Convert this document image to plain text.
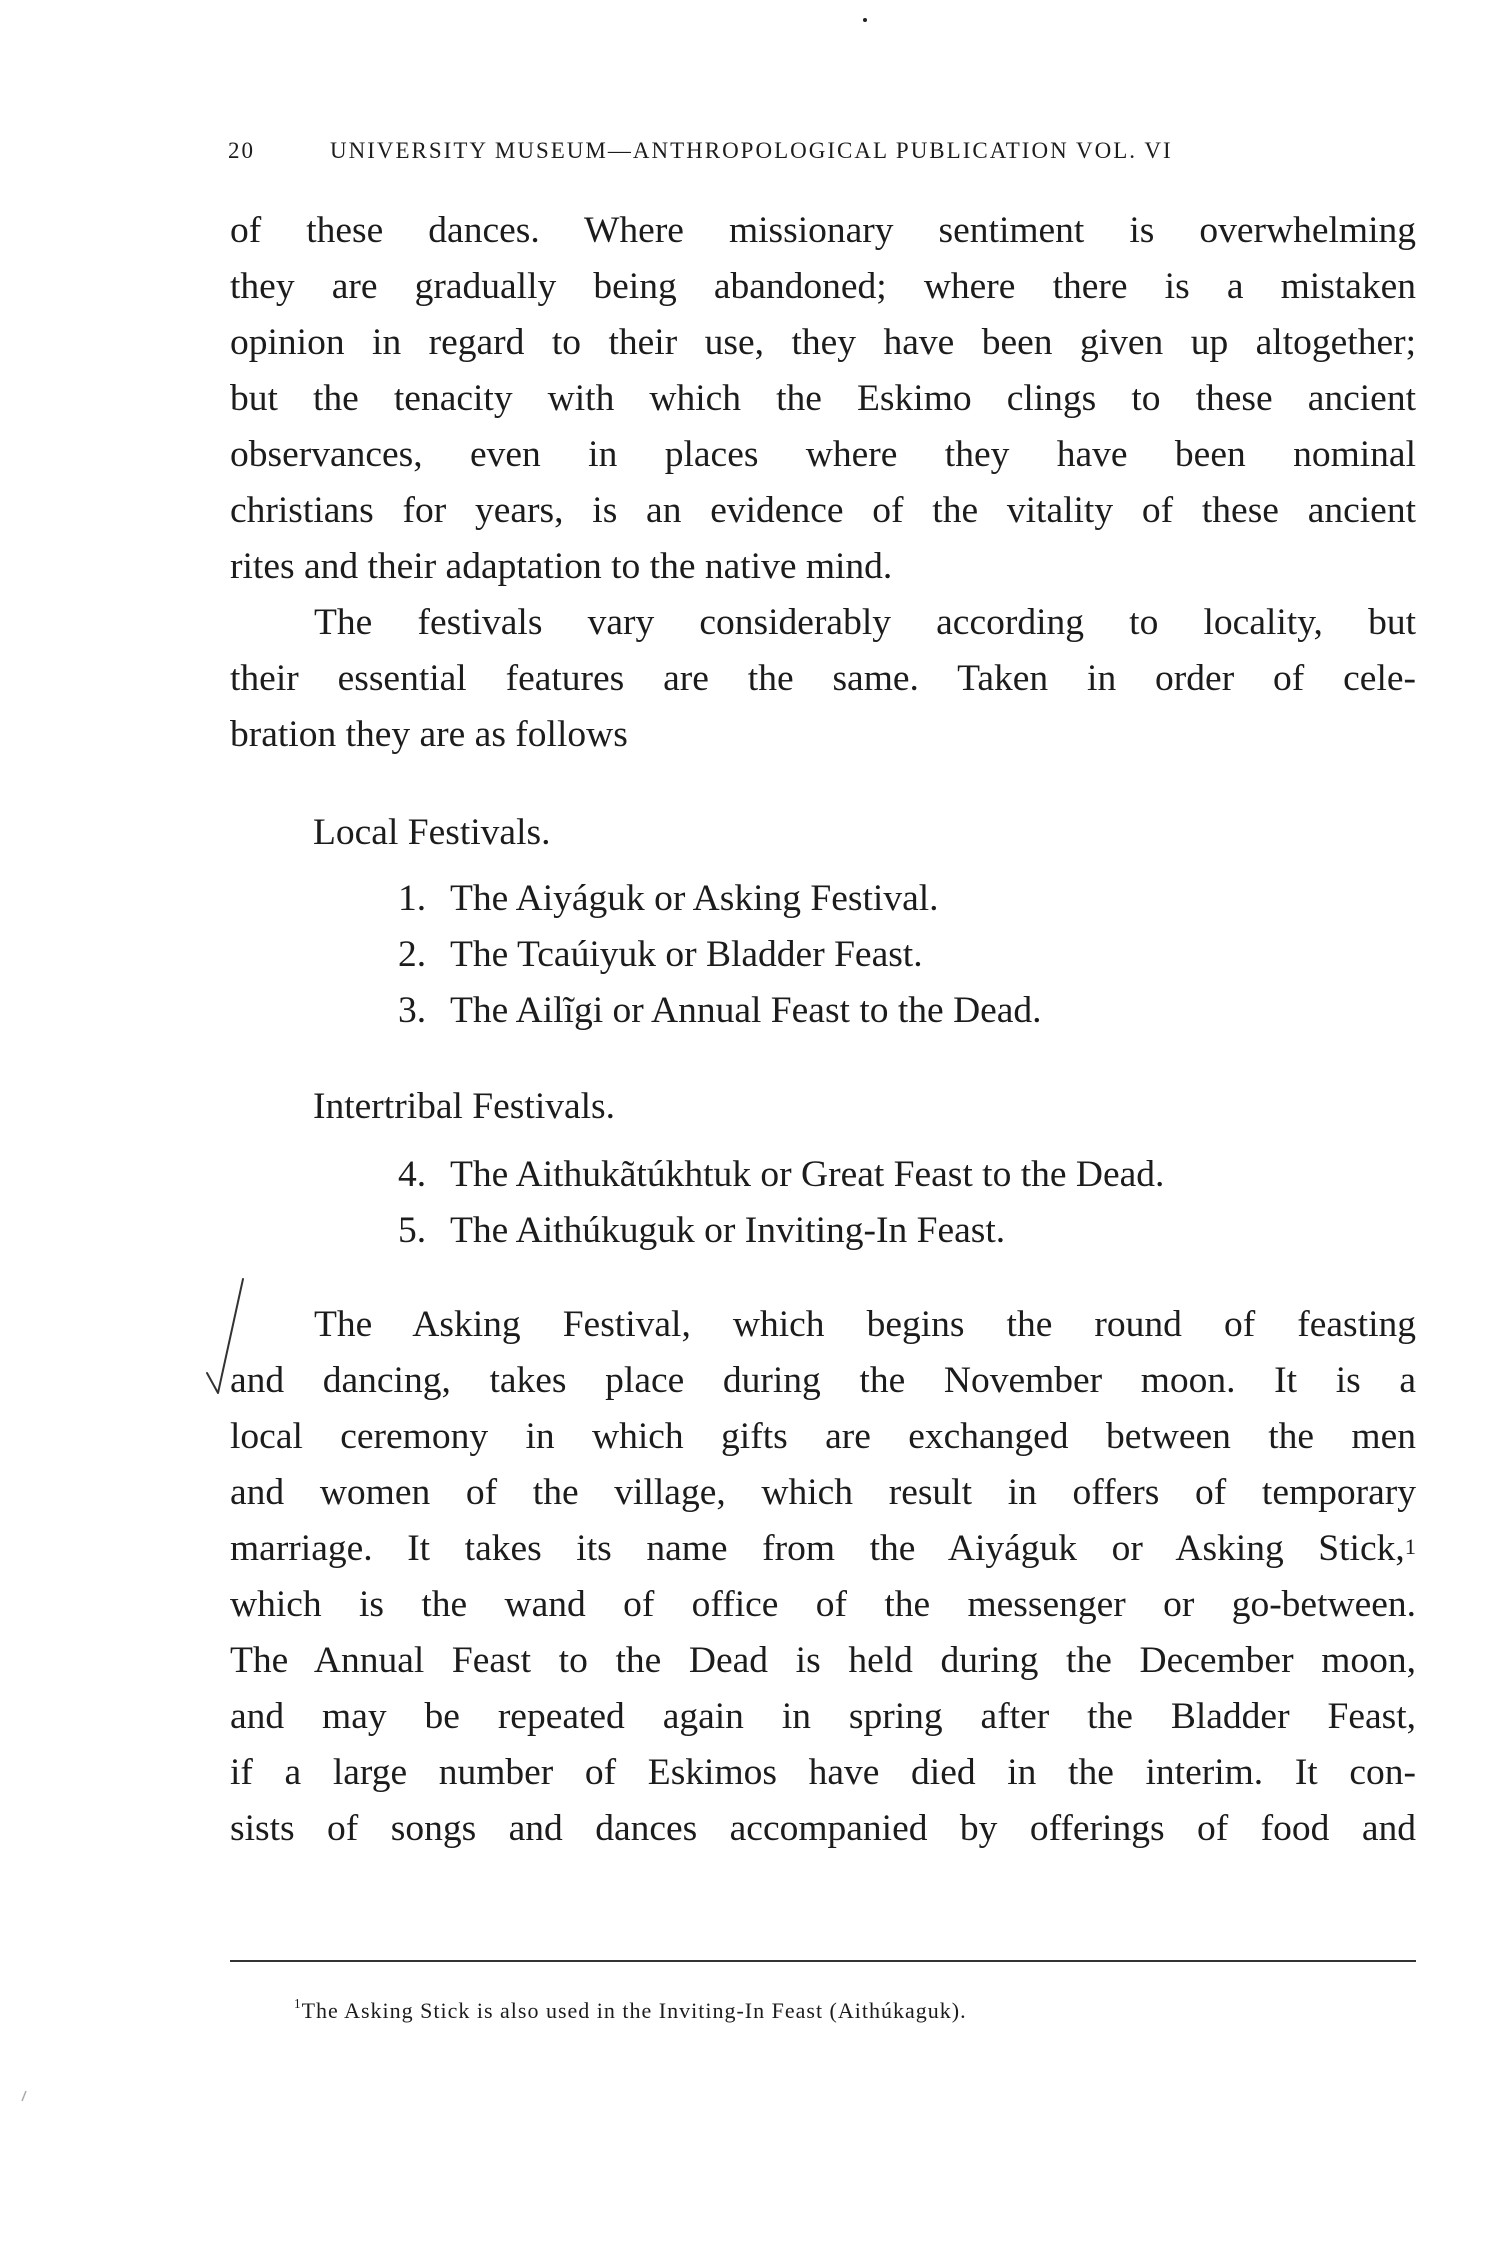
20	UNIVERSITY MUSEUM—ANTHROPOLOGICAL PUBLICATION VOL. VI
of these dances. Where missionary sentiment is overwhelming
they are gradually being abandoned; where there is a mistaken
opinion in regard to their use, they have been given up altogether;
but the tenacity with which the Eskimo clings to these ancient
observances, even in places where they have been nominal
christians for years, is an evidence of the vitality of these ancient
rites and their adaptation to the native mind.
The festivals vary considerably according to locality, but
their essential features are the same. Taken in order of cele-
bration they are as follows
Local Festivals.
1. The Aiyáguk or Asking Festival.
2. The Tcaúiyuk or Bladder Feast.
3. The Ailĩgi or Annual Feast to the Dead.
Intertribal Festivals.
4. The Aithukãtúkhtuk or Great Feast to the Dead.
5. The Aithúkuguk or Inviting-In Feast.
The Asking Festival, which begins the round of feasting
and dancing, takes place during the November moon. It is a
local ceremony in which gifts are exchanged between the men
and women of the village, which result in offers of temporary
marriage. It takes its name from the Aiyáguk or Asking Stick,$^1$
which is the wand of office of the messenger or go-between.
The Annual Feast to the Dead is held during the December moon,
and may be repeated again in spring after the Bladder Feast,
if a large number of Eskimos have died in the interim. It con-
sists of songs and dances accompanied by offerings of food and
$^1$The Asking Stick is also used in the Inviting-In Feast (Aithúkaguk).
